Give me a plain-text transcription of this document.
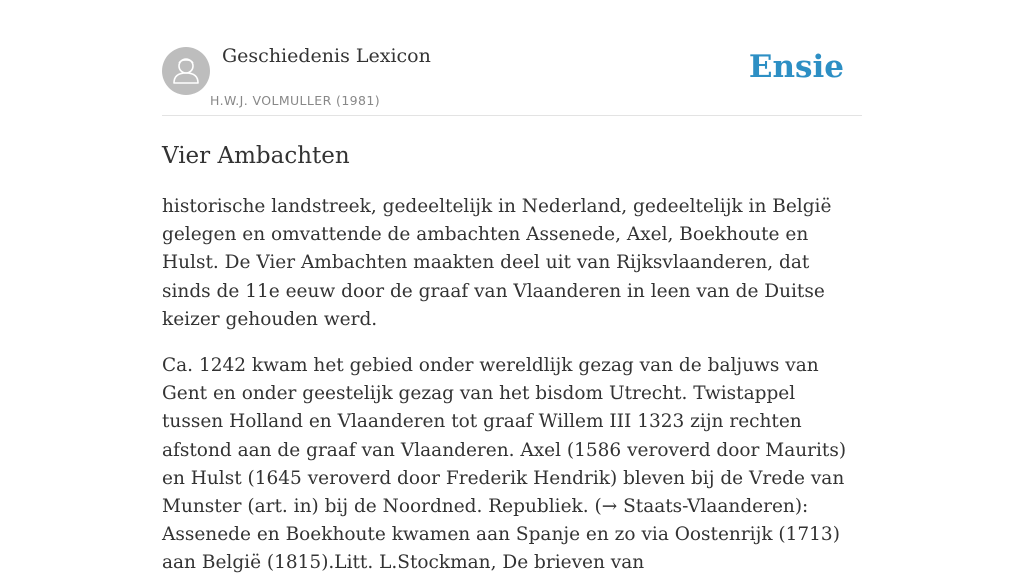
Geschiedenis Lexicon
H.W.J. VOLMULLER (1981)
Ensie
Vier Ambachten

historische landstreek, gedeeltelijk in Nederland, gedeeltelijk in België gelegen en omvattende de ambachten Assenede, Axel, Boekhoute en Hulst. De Vier Ambachten maakten deel uit van Rijksvlaanderen, dat sinds de 11e eeuw door de graaf van Vlaanderen in leen van de Duitse keizer gehouden werd.

Ca. 1242 kwam het gebied onder wereldlijk gezag van de baljuws van Gent en onder geestelijk gezag van het bisdom Utrecht. Twistappel tussen Holland en Vlaanderen tot graaf Willem III 1323 zijn rechten afstond aan de graaf van Vlaanderen. Axel (1586 veroverd door Maurits) en Hulst (1645 veroverd door Frederik Hendrik) bleven bij de Vrede van Munster (art. in) bij de Noordned. Republiek. (→ Staats-Vlaanderen): Assenede en Boekhoute kwamen aan Spanje en zo via Oostenrijk (1713) aan België (1815).Litt. L.Stockman, De brieven van
